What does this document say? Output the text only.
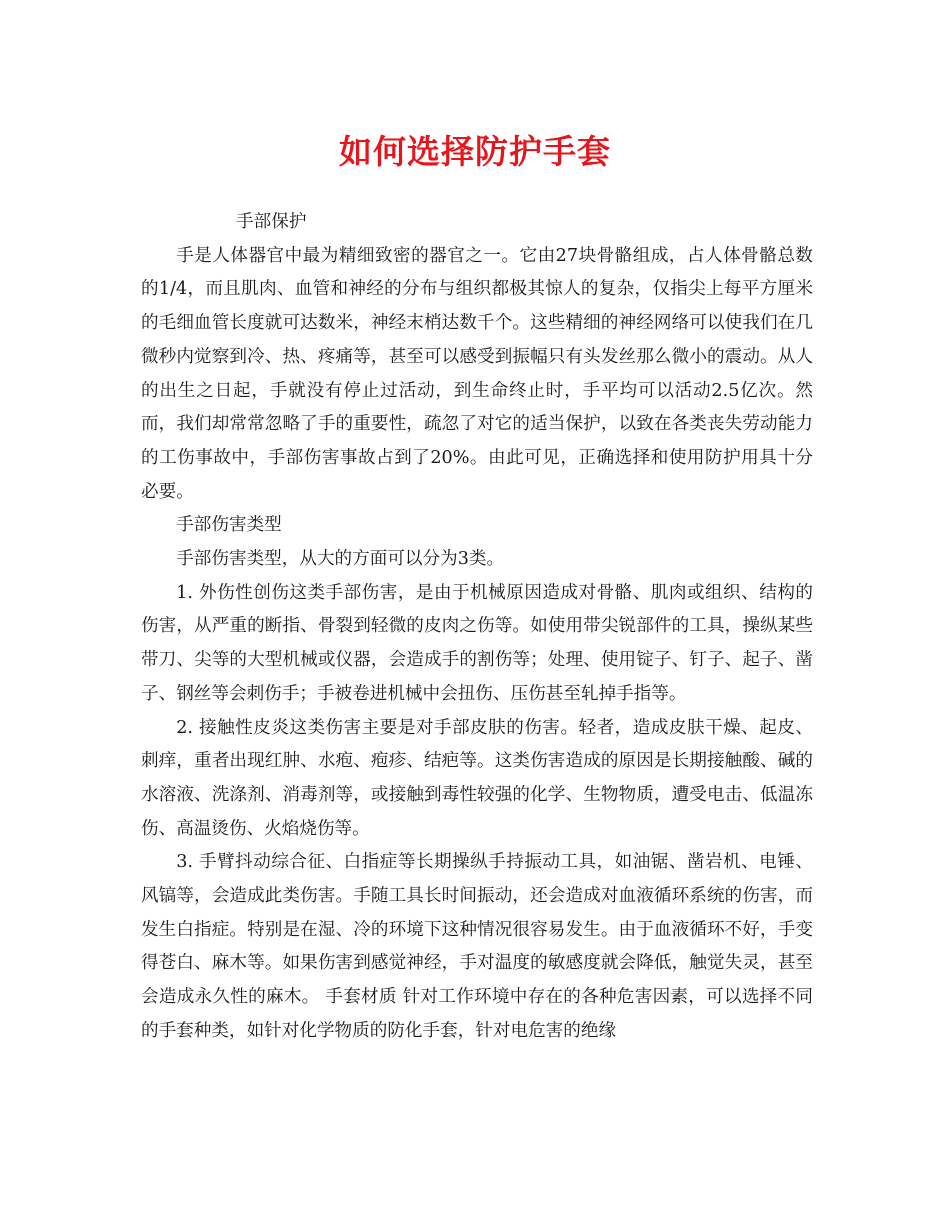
如何选择防护手套

手部保护

手是人体器官中最为精细致密的器官之一。它由27块骨骼组成，占人体骨骼总数的1/4，而且肌肉、血管和神经的分布与组织都极其惊人的复杂，仅指尖上每平方厘米的毛细血管长度就可达数米，神经末梢达数千个。这些精细的神经网络可以使我们在几微秒内觉察到冷、热、疼痛等，甚至可以感受到振幅只有头发丝那么微小的震动。从人的出生之日起，手就没有停止过活动，到生命终止时，手平均可以活动2.5亿次。然而，我们却常常忽略了手的重要性，疏忽了对它的适当保护，以致在各类丧失劳动能力的工伤事故中，手部伤害事故占到了20%。由此可见，正确选择和使用防护用具十分必要。

手部伤害类型

手部伤害类型，从大的方面可以分为3类。

1. 外伤性创伤这类手部伤害，是由于机械原因造成对骨骼、肌肉或组织、结构的伤害，从严重的断指、骨裂到轻微的皮肉之伤等。如使用带尖锐部件的工具，操纵某些带刀、尖等的大型机械或仪器，会造成手的割伤等；处理、使用锭子、钉子、起子、凿子、钢丝等会刺伤手；手被卷进机械中会扭伤、压伤甚至轧掉手指等。

2. 接触性皮炎这类伤害主要是对手部皮肤的伤害。轻者，造成皮肤干燥、起皮、刺痒，重者出现红肿、水疱、疱疹、结疤等。这类伤害造成的原因是长期接触酸、碱的水溶液、洗涤剂、消毒剂等，或接触到毒性较强的化学、生物物质，遭受电击、低温冻伤、高温烫伤、火焰烧伤等。

3. 手臂抖动综合征、白指症等长期操纵手持振动工具，如油锯、凿岩机、电锤、风镐等，会造成此类伤害。手随工具长时间振动，还会造成对血液循环系统的伤害，而发生白指症。特别是在湿、冷的环境下这种情况很容易发生。由于血液循环不好，手变得苍白、麻木等。如果伤害到感觉神经，手对温度的敏感度就会降低，触觉失灵，甚至会造成永久性的麻木。 手套材质 针对工作环境中存在的各种危害因素，可以选择不同的手套种类，如针对化学物质的防化手套，针对电危害的绝缘
